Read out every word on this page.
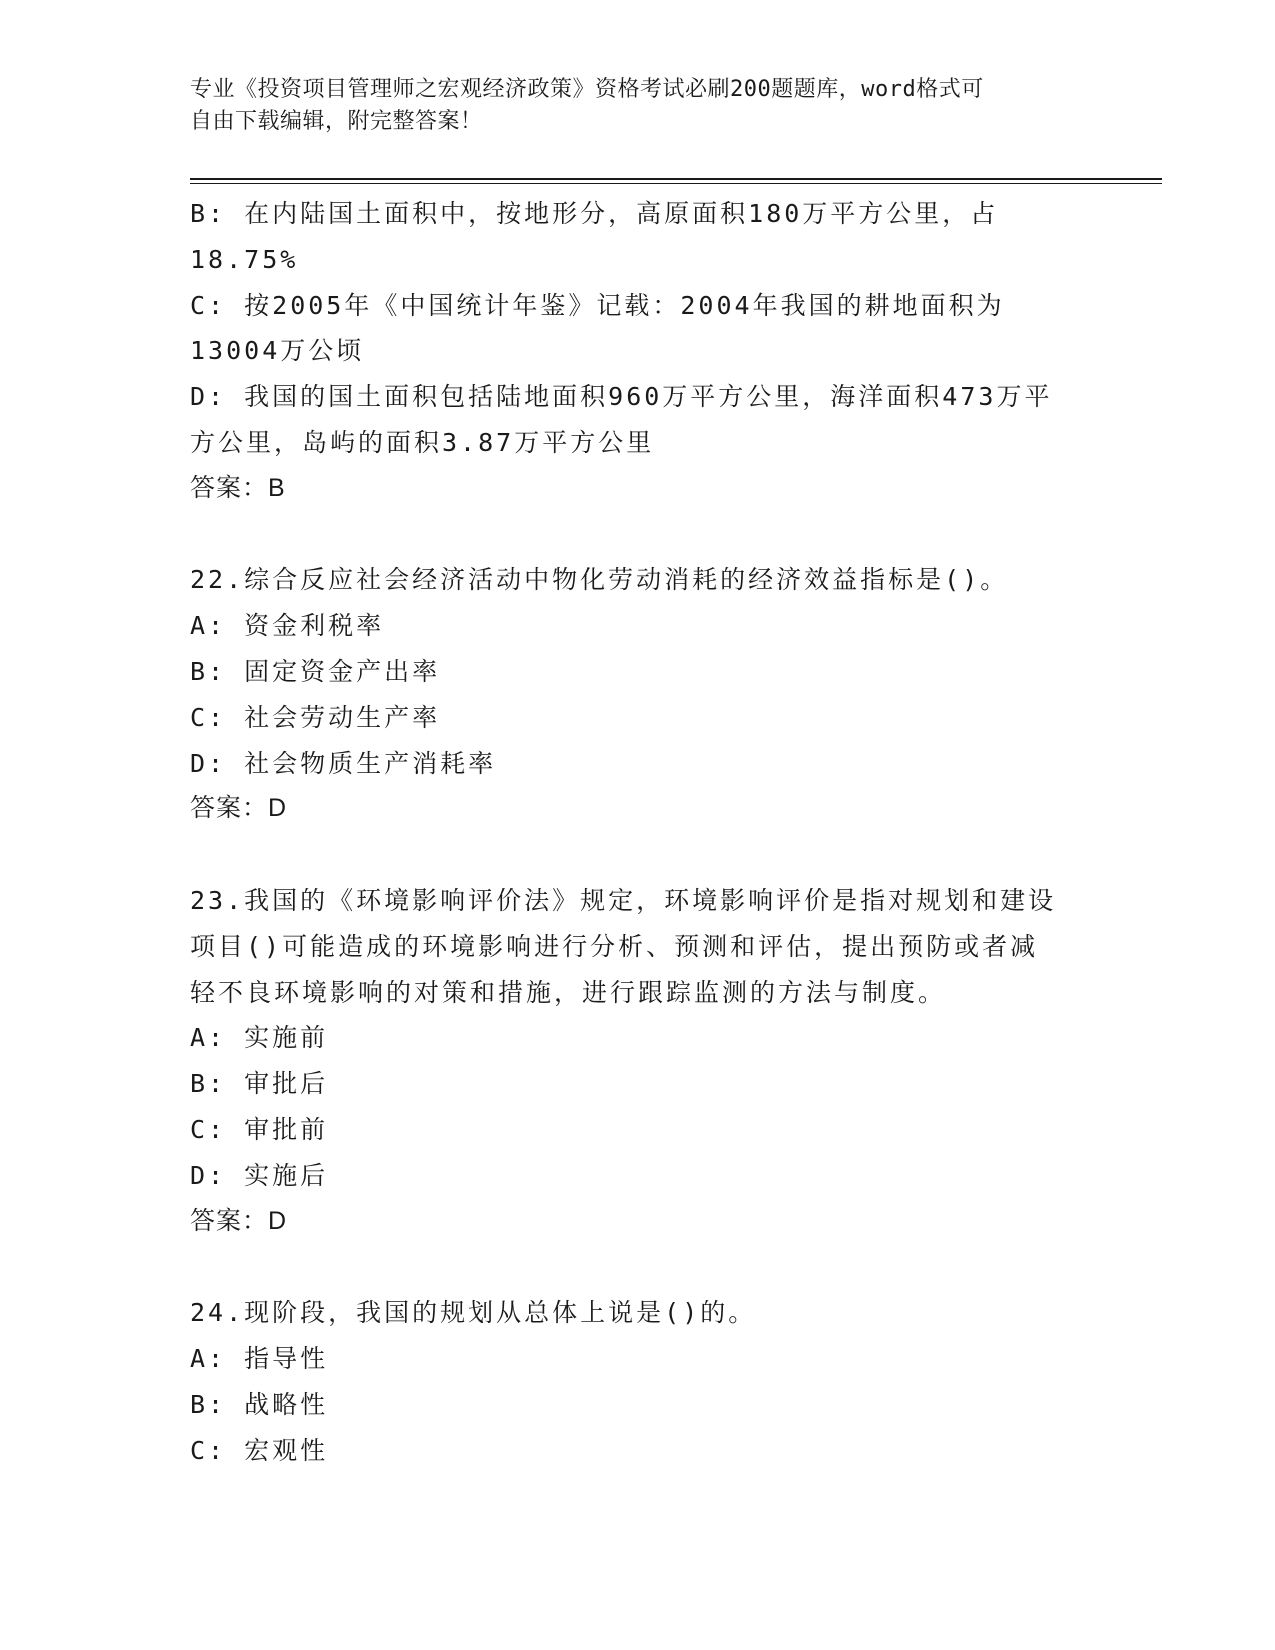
专业《投资项目管理师之宏观经济政策》资格考试必刷200题题库，word格式可
自由下载编辑，附完整答案！
B: 在内陆国土面积中，按地形分，高原面积180万平方公里，占
18.75%
C: 按2005年《中国统计年鉴》记载：2004年我国的耕地面积为
13004万公顷
D: 我国的国土面积包括陆地面积960万平方公里，海洋面积473万平
方公里，岛屿的面积3.87万平方公里
答案：B
22.综合反应社会经济活动中物化劳动消耗的经济效益指标是()。
A: 资金利税率
B: 固定资金产出率
C: 社会劳动生产率
D: 社会物质生产消耗率
答案：D
23.我国的《环境影响评价法》规定，环境影响评价是指对规划和建设
项目()可能造成的环境影响进行分析、预测和评估，提出预防或者减
轻不良环境影响的对策和措施，进行跟踪监测的方法与制度。
A: 实施前
B: 审批后
C: 审批前
D: 实施后
答案：D
24.现阶段，我国的规划从总体上说是()的。
A: 指导性
B: 战略性
C: 宏观性
